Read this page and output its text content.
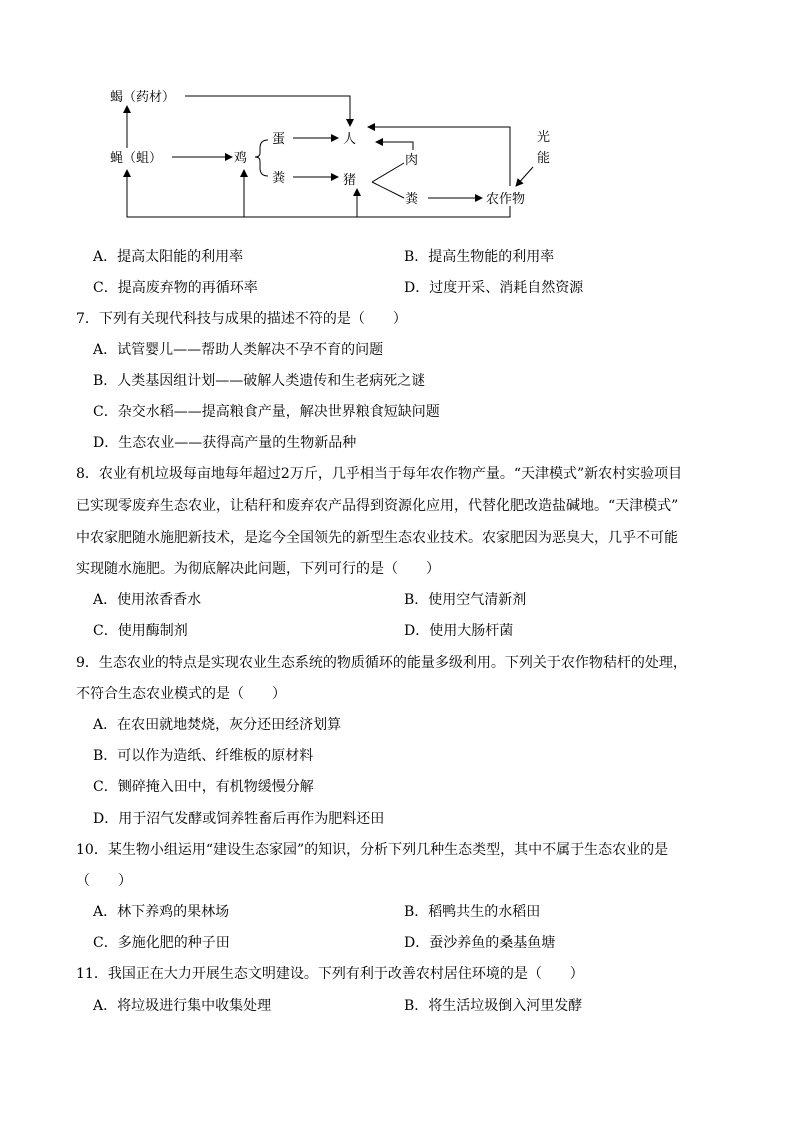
蝎（药材）
蝇（蛆）	鸡
蛋
粪
人
猪
肉
粪	农作物
光
能
A．提高太阳能的利用率	B．提高生物能的利用率
C．提高废弃物的再循环率	D．过度开采、消耗自然资源
7．下列有关现代科技与成果的描述不符的是（　　）
A．试管婴儿——帮助人类解决不孕不育的问题
B．人类基因组计划——破解人类遗传和生老病死之谜
C．杂交水稻——提高粮食产量，解决世界粮食短缺问题
D．生态农业——获得高产量的生物新品种
8．农业有机垃圾每亩地每年超过2万斤，几乎相当于每年农作物产量。“天津模式”新农村实验项目
已实现零废弃生态农业，让秸秆和废弃农产品得到资源化应用，代替化肥改造盐碱地。“天津模式”
中农家肥随水施肥新技术，是迄今全国领先的新型生态农业技术。农家肥因为恶臭大，几乎不可能
实现随水施肥。为彻底解决此问题，下列可行的是（　　）
A．使用浓香香水	B．使用空气清新剂
C．使用酶制剂	D．使用大肠杆菌
9．生态农业的特点是实现农业生态系统的物质循环的能量多级利用。下列关于农作物秸杆的处理，
不符合生态农业模式的是（　　）
A．在农田就地焚烧，灰分还田经济划算
B．可以作为造纸、纤维板的原材料
C．铡碎掩入田中，有机物缓慢分解
D．用于沼气发酵或饲养牲畜后再作为肥料还田
10．某生物小组运用“建设生态家园”的知识，分析下列几种生态类型，其中不属于生态农业的是
（　　）
A．林下养鸡的果林场	B．稻鸭共生的水稻田
C．多施化肥的种子田	D．蚕沙养鱼的桑基鱼塘
11．我国正在大力开展生态文明建设。下列有利于改善农村居住环境的是（　　）
A．将垃圾进行集中收集处理	B．将生活垃圾倒入河里发酵
